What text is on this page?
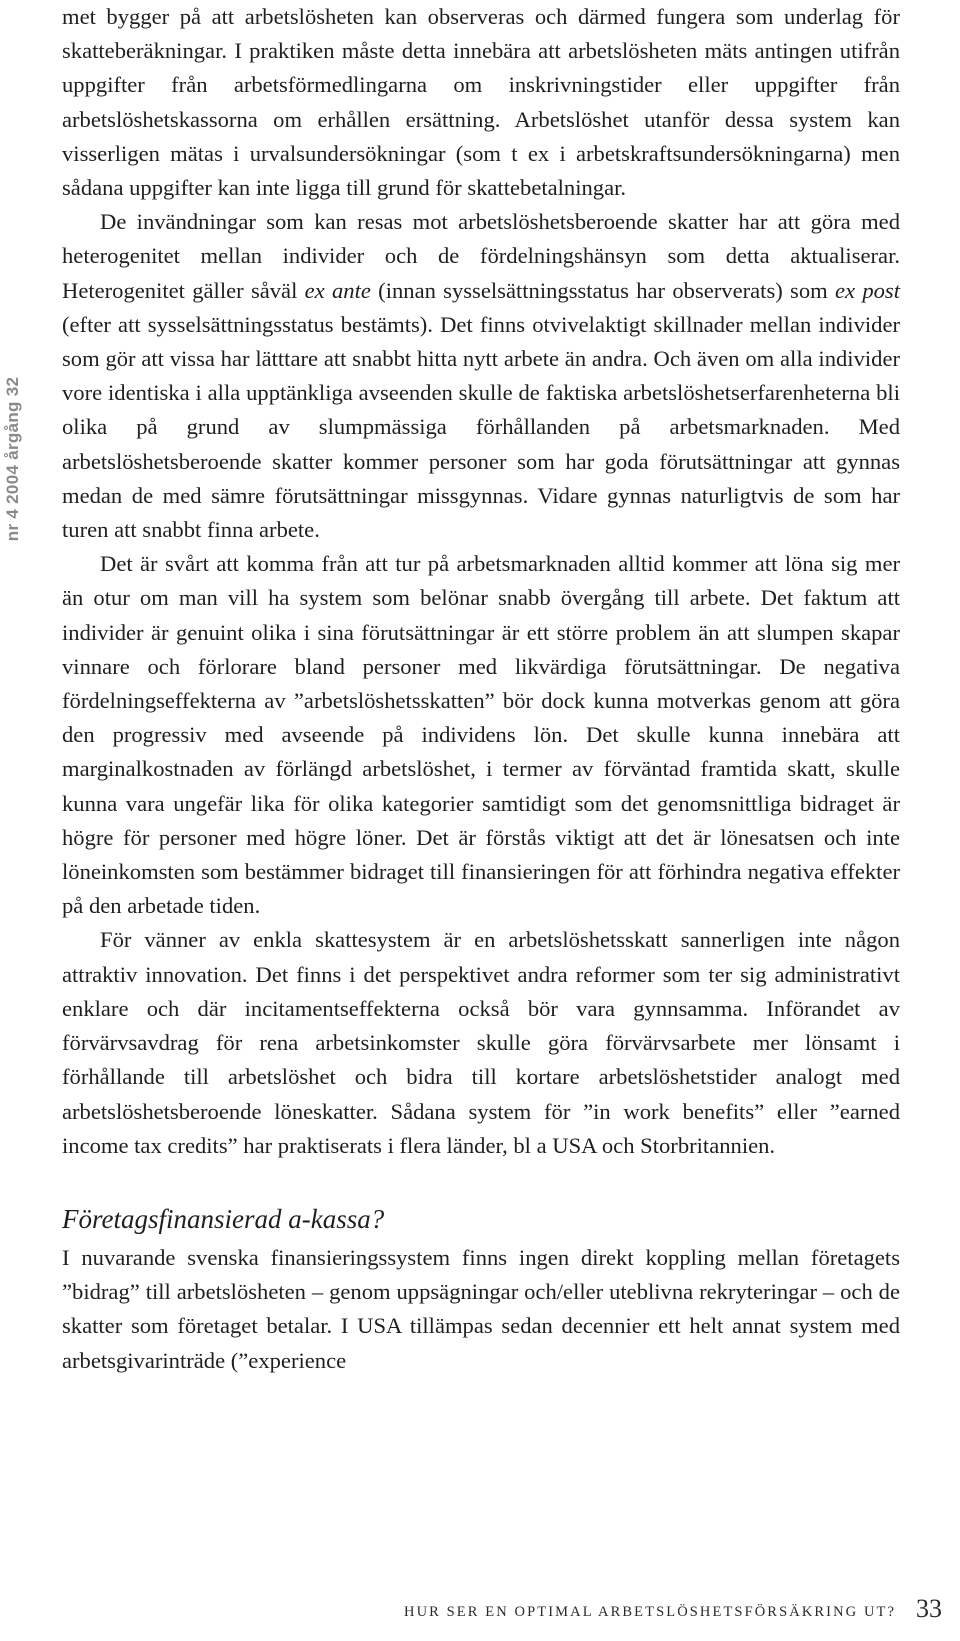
nr 4 2004 årgång 32

met bygger på att arbetslösheten kan observeras och därmed fungera som underlag för skatteberäkningar. I praktiken måste detta innebära att arbetslösheten mäts antingen utifrån uppgifter från arbetsförmedlingarna om inskrivningstider eller uppgifter från arbetslöshetskassorna om erhållen ersättning. Arbetslöshet utanför dessa system kan visserligen mätas i urvalsundersökningar (som t ex i arbetskraftsundersökningarna) men sådana uppgifter kan inte ligga till grund för skattebetalningar.

De invändningar som kan resas mot arbetslöshetsberoende skatter har att göra med heterogenitet mellan individer och de fördelningshänsyn som detta aktualiserar. Heterogenitet gäller såväl ex ante (innan sysselsättningsstatus har observerats) som ex post (efter att sysselsättningsstatus bestämts). Det finns otvivelaktigt skillnader mellan individer som gör att vissa har lätttare att snabbt hitta nytt arbete än andra. Och även om alla individer vore identiska i alla upptänkliga avseenden skulle de faktiska arbetslöshetserfarenheterna bli olika på grund av slumpmässiga förhållanden på arbetsmarknaden. Med arbetslöshetsberoende skatter kommer personer som har goda förutsättningar att gynnas medan de med sämre förutsättningar missgynnas. Vidare gynnas naturligtvis de som har turen att snabbt finna arbete.

Det är svårt att komma från att tur på arbetsmarknaden alltid kommer att löna sig mer än otur om man vill ha system som belönar snabb övergång till arbete. Det faktum att individer är genuint olika i sina förutsättningar är ett större problem än att slumpen skapar vinnare och förlorare bland personer med likvärdiga förutsättningar. De negativa fördelningseffekterna av ”arbetslöshetsskatten” bör dock kunna motverkas genom att göra den progressiv med avseende på individens lön. Det skulle kunna innebära att marginalkostnaden av förlängd arbetslöshet, i termer av förväntad framtida skatt, skulle kunna vara ungefär lika för olika kategorier samtidigt som det genomsnittliga bidraget är högre för personer med högre löner. Det är förstås viktigt att det är lönesatsen och inte löneinkomsten som bestämmer bidraget till finansieringen för att förhindra negativa effekter på den arbetade tiden.

För vänner av enkla skattesystem är en arbetslöshetsskatt sannerligen inte någon attraktiv innovation. Det finns i det perspektivet andra reformer som ter sig administrativt enklare och där incitamentseffekterna också bör vara gynnsamma. Införandet av förvärvsavdrag för rena arbetsinkomster skulle göra förvärvsarbete mer lönsamt i förhållande till arbetslöshet och bidra till kortare arbetslöshetstider analogt med arbetslöshetsberoende löneskatter. Sådana system för ”in work benefits” eller ”earned income tax credits” har praktiserats i flera länder, bl a USA och Storbritannien.

Företagsfinansierad a-kassa?

I nuvarande svenska finansieringssystem finns ingen direkt koppling mellan företagets ”bidrag” till arbetslösheten – genom uppsägningar och/eller uteblivna rekryteringar – och de skatter som företaget betalar. I USA tillämpas sedan decennier ett helt annat system med arbetsgivarinträde (”experience

HUR SER EN OPTIMAL ARBETSLÖSHETSFÖRSÄKRING UT? 33
